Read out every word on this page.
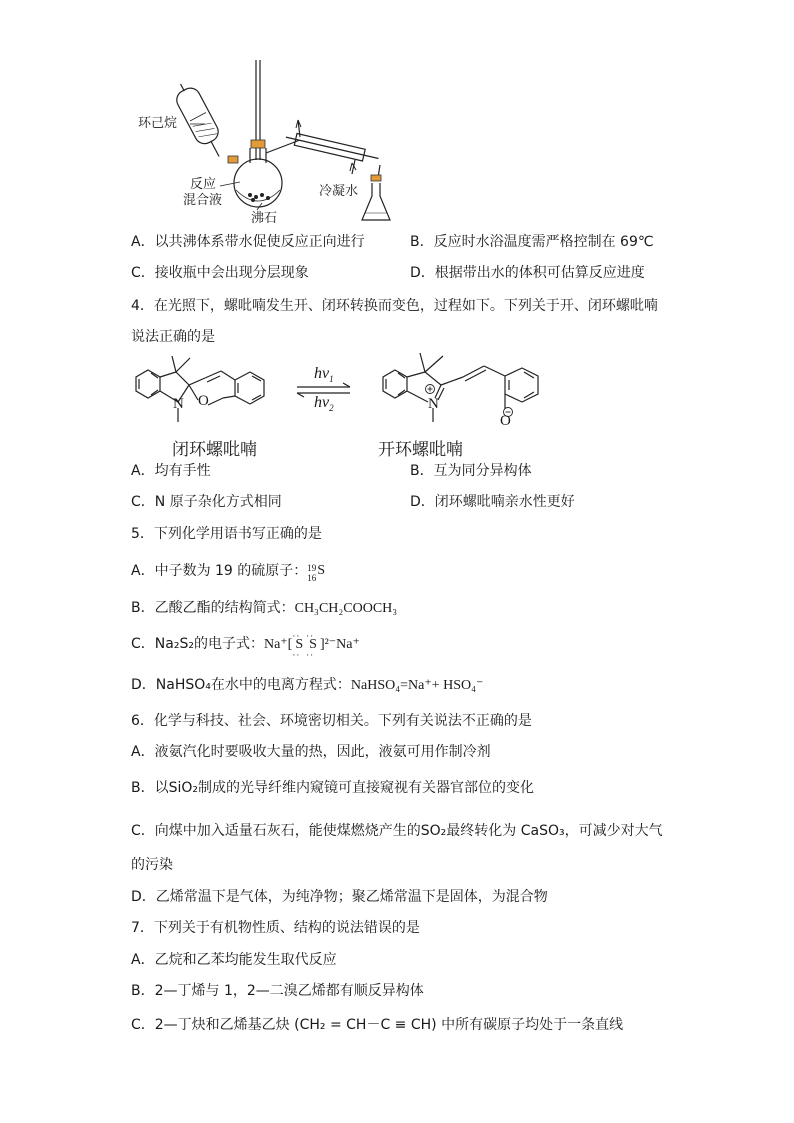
环己烷
反应
混合液
沸石
冷凝水
A．以共沸体系带水促使反应正向进行	B．反应时水浴温度需严格控制在 69℃
C．接收瓶中会出现分层现象	D．根据带出水的体积可估算反应进度
4．在光照下，螺吡喃发生开、闭环转换而变色，过程如下。下列关于开、闭环螺吡喃
说法正确的是
N O	N
O
$h\nu_1$
$h\nu_2$
闭环螺吡喃	开环螺吡喃
A．均有手性	B．互为同分异构体
C．N 原子杂化方式相同	D．闭环螺吡喃亲水性更好
5．下列化学用语书写正确的是
A．中子数为 19 的硫原子： 19
16 S
B．乙酸乙酯的结构简式：CH₃CH₂COOCH₃
C．Na₂S₂的电子式：Na⁺[ S
··
··
S
··
··
]²⁻Na⁺
D．NaHSO₄在水中的电离方程式：NaHSO₄=Na⁺+ HSO₄⁻
6．化学与科技、社会、环境密切相关。下列有关说法不正确的是
A．液氨汽化时要吸收大量的热，因此，液氨可用作制冷剂
B．以SiO₂制成的光导纤维内窥镜可直接窥视有关器官部位的变化
C．向煤中加入适量石灰石，能使煤燃烧产生的SO₂最终转化为 CaSO₃，可减少对大气
的污染
D．乙烯常温下是气体，为纯净物；聚乙烯常温下是固体，为混合物
7．下列关于有机物性质、结构的说法错误的是
A．乙烷和乙苯均能发生取代反应
B．2—丁烯与 1，2—二溴乙烯都有顺反异构体
C．2—丁炔和乙烯基乙炔 (CH₂ = CH－C ≡ CH) 中所有碳原子均处于一条直线
